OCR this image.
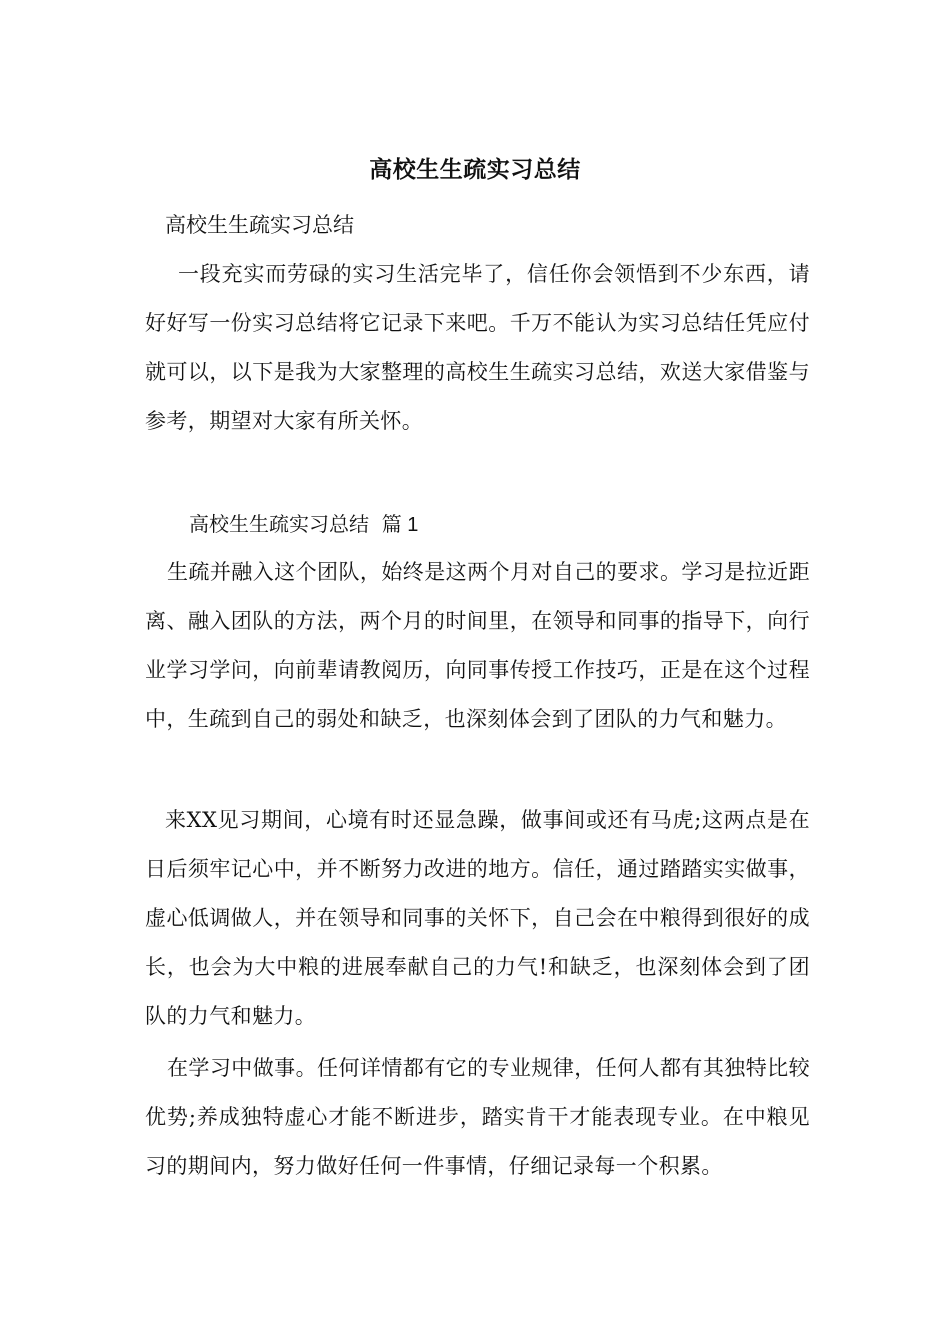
高校生生疏实习总结
高校生生疏实习总结
一段充实而劳碌的实习生活完毕了，信任你会领悟到不少东西，请好好写一份实习总结将它记录下来吧。千万不能认为实习总结任凭应付就可以，以下是我为大家整理的高校生生疏实习总结，欢送大家借鉴与参考，期望对大家有所关怀。
高校生生疏实习总结 篇 1
生疏并融入这个团队，始终是这两个月对自己的要求。学习是拉近距离、融入团队的方法，两个月的时间里，在领导和同事的指导下，向行业学习学问，向前辈请教阅历，向同事传授工作技巧，正是在这个过程中，生疏到自己的弱处和缺乏，也深刻体会到了团队的力气和魅力。
来XX见习期间，心境有时还显急躁，做事间或还有马虎;这两点是在日后须牢记心中，并不断努力改进的地方。信任，通过踏踏实实做事，虚心低调做人，并在领导和同事的关怀下，自己会在中粮得到很好的成长，也会为大中粮的进展奉献自己的力气!和缺乏，也深刻体会到了团队的力气和魅力。
在学习中做事。任何详情都有它的专业规律，任何人都有其独特比较优势;养成独特虚心才能不断进步，踏实肯干才能表现专业。在中粮见习的期间内，努力做好任何一件事情，仔细记录每一个积累。
